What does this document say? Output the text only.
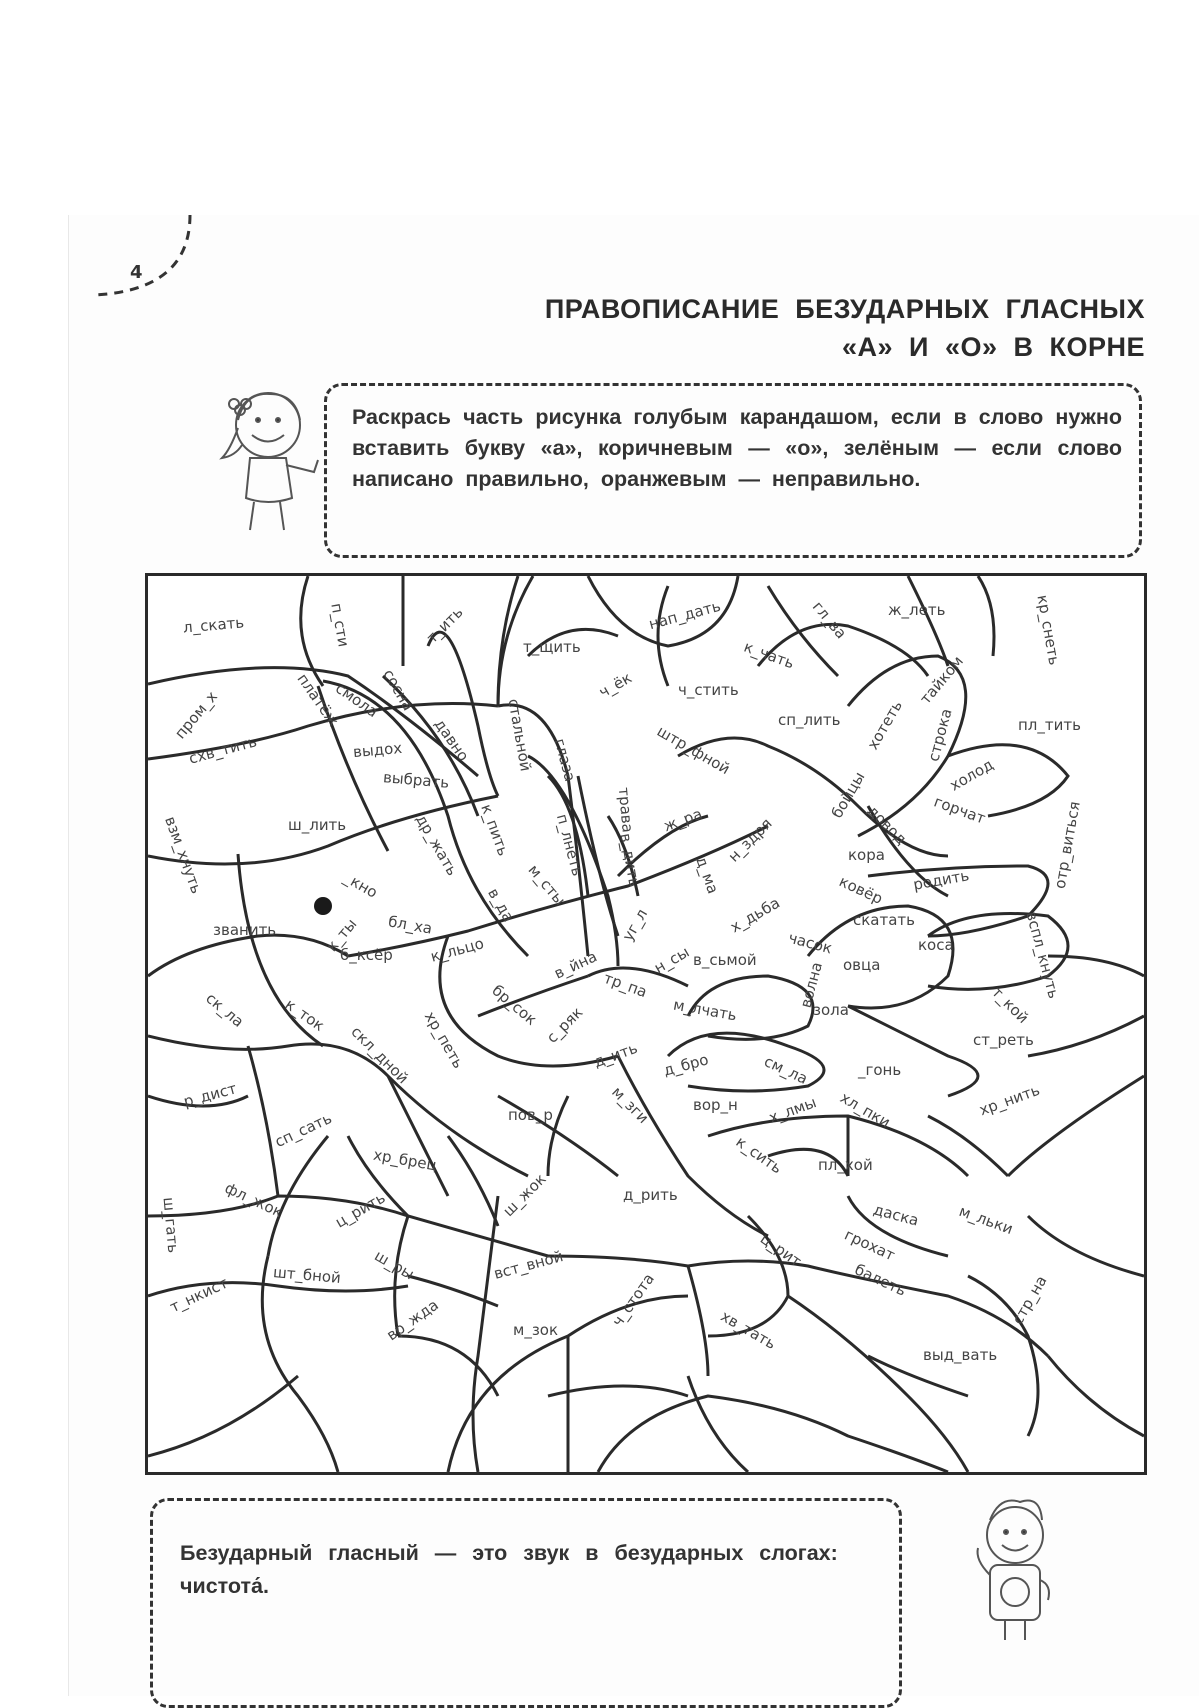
4
ПРАВОПИСАНИЕ БЕЗУДАРНЫХ ГЛАСНЫХ
«А» И «О» В КОРНЕ
Раскрась часть рисунка голубым карандашом, если в слово нужно вставить букву «а», коричневым — «о», зелёным — если слово написано правильно, оранжевым — неправильно.
л_скать	п_сти	т_ить
т_щить
нап_дать	гл_ва	ж_леть	кр_снеть
к_чать	тайком
пром_х	платёж
смола
сосна	ч_ёк	ч_стить
сп_лить хотеть строка	пл_тить
давно стальной
схв_тить	выдох
выбрать	глаза	штр_фной
бойцы	холод
взм_хнуть	ш_лить	др_жать к_пить	п_лнеть
трава ж_ра н_здря	довод горчат	отр_виться
кора
_кно	в_да м_сты	в_дить	д_ма	ковёр родить
х_дьба	скатать	вспл_кнуть
званить	к_ты бл_ха	уг_л	часок
б_ксёр к_льцо	в_йна	н_сы в_сьмой
коса
овца
волна
тр_па	т_кой
ск_ла	бр_сок с_ряк	м_лчать	зола
к_ток	хр_петь
скл_дной	д_ить	ст_реть
д_бро	см_ла	_гонь
р_дист	м_зги	вор_н х_лмы хл_пки	хр_нить
сп_сать	пов_р
хр_брец	к_сить пл_хой
фл_жок	ц_рить	ш_жок	д_рить
даска м_льки
ш_гать	грохат
ц_рит
ш_ры	вст_вной	балеть
т_нкист	шт_бной	ч_стота	стр_на
вр_жда	м_зок	хв_тать
выд_вать
Безударный гласный — это звук в безударных слогах: чистота́.
